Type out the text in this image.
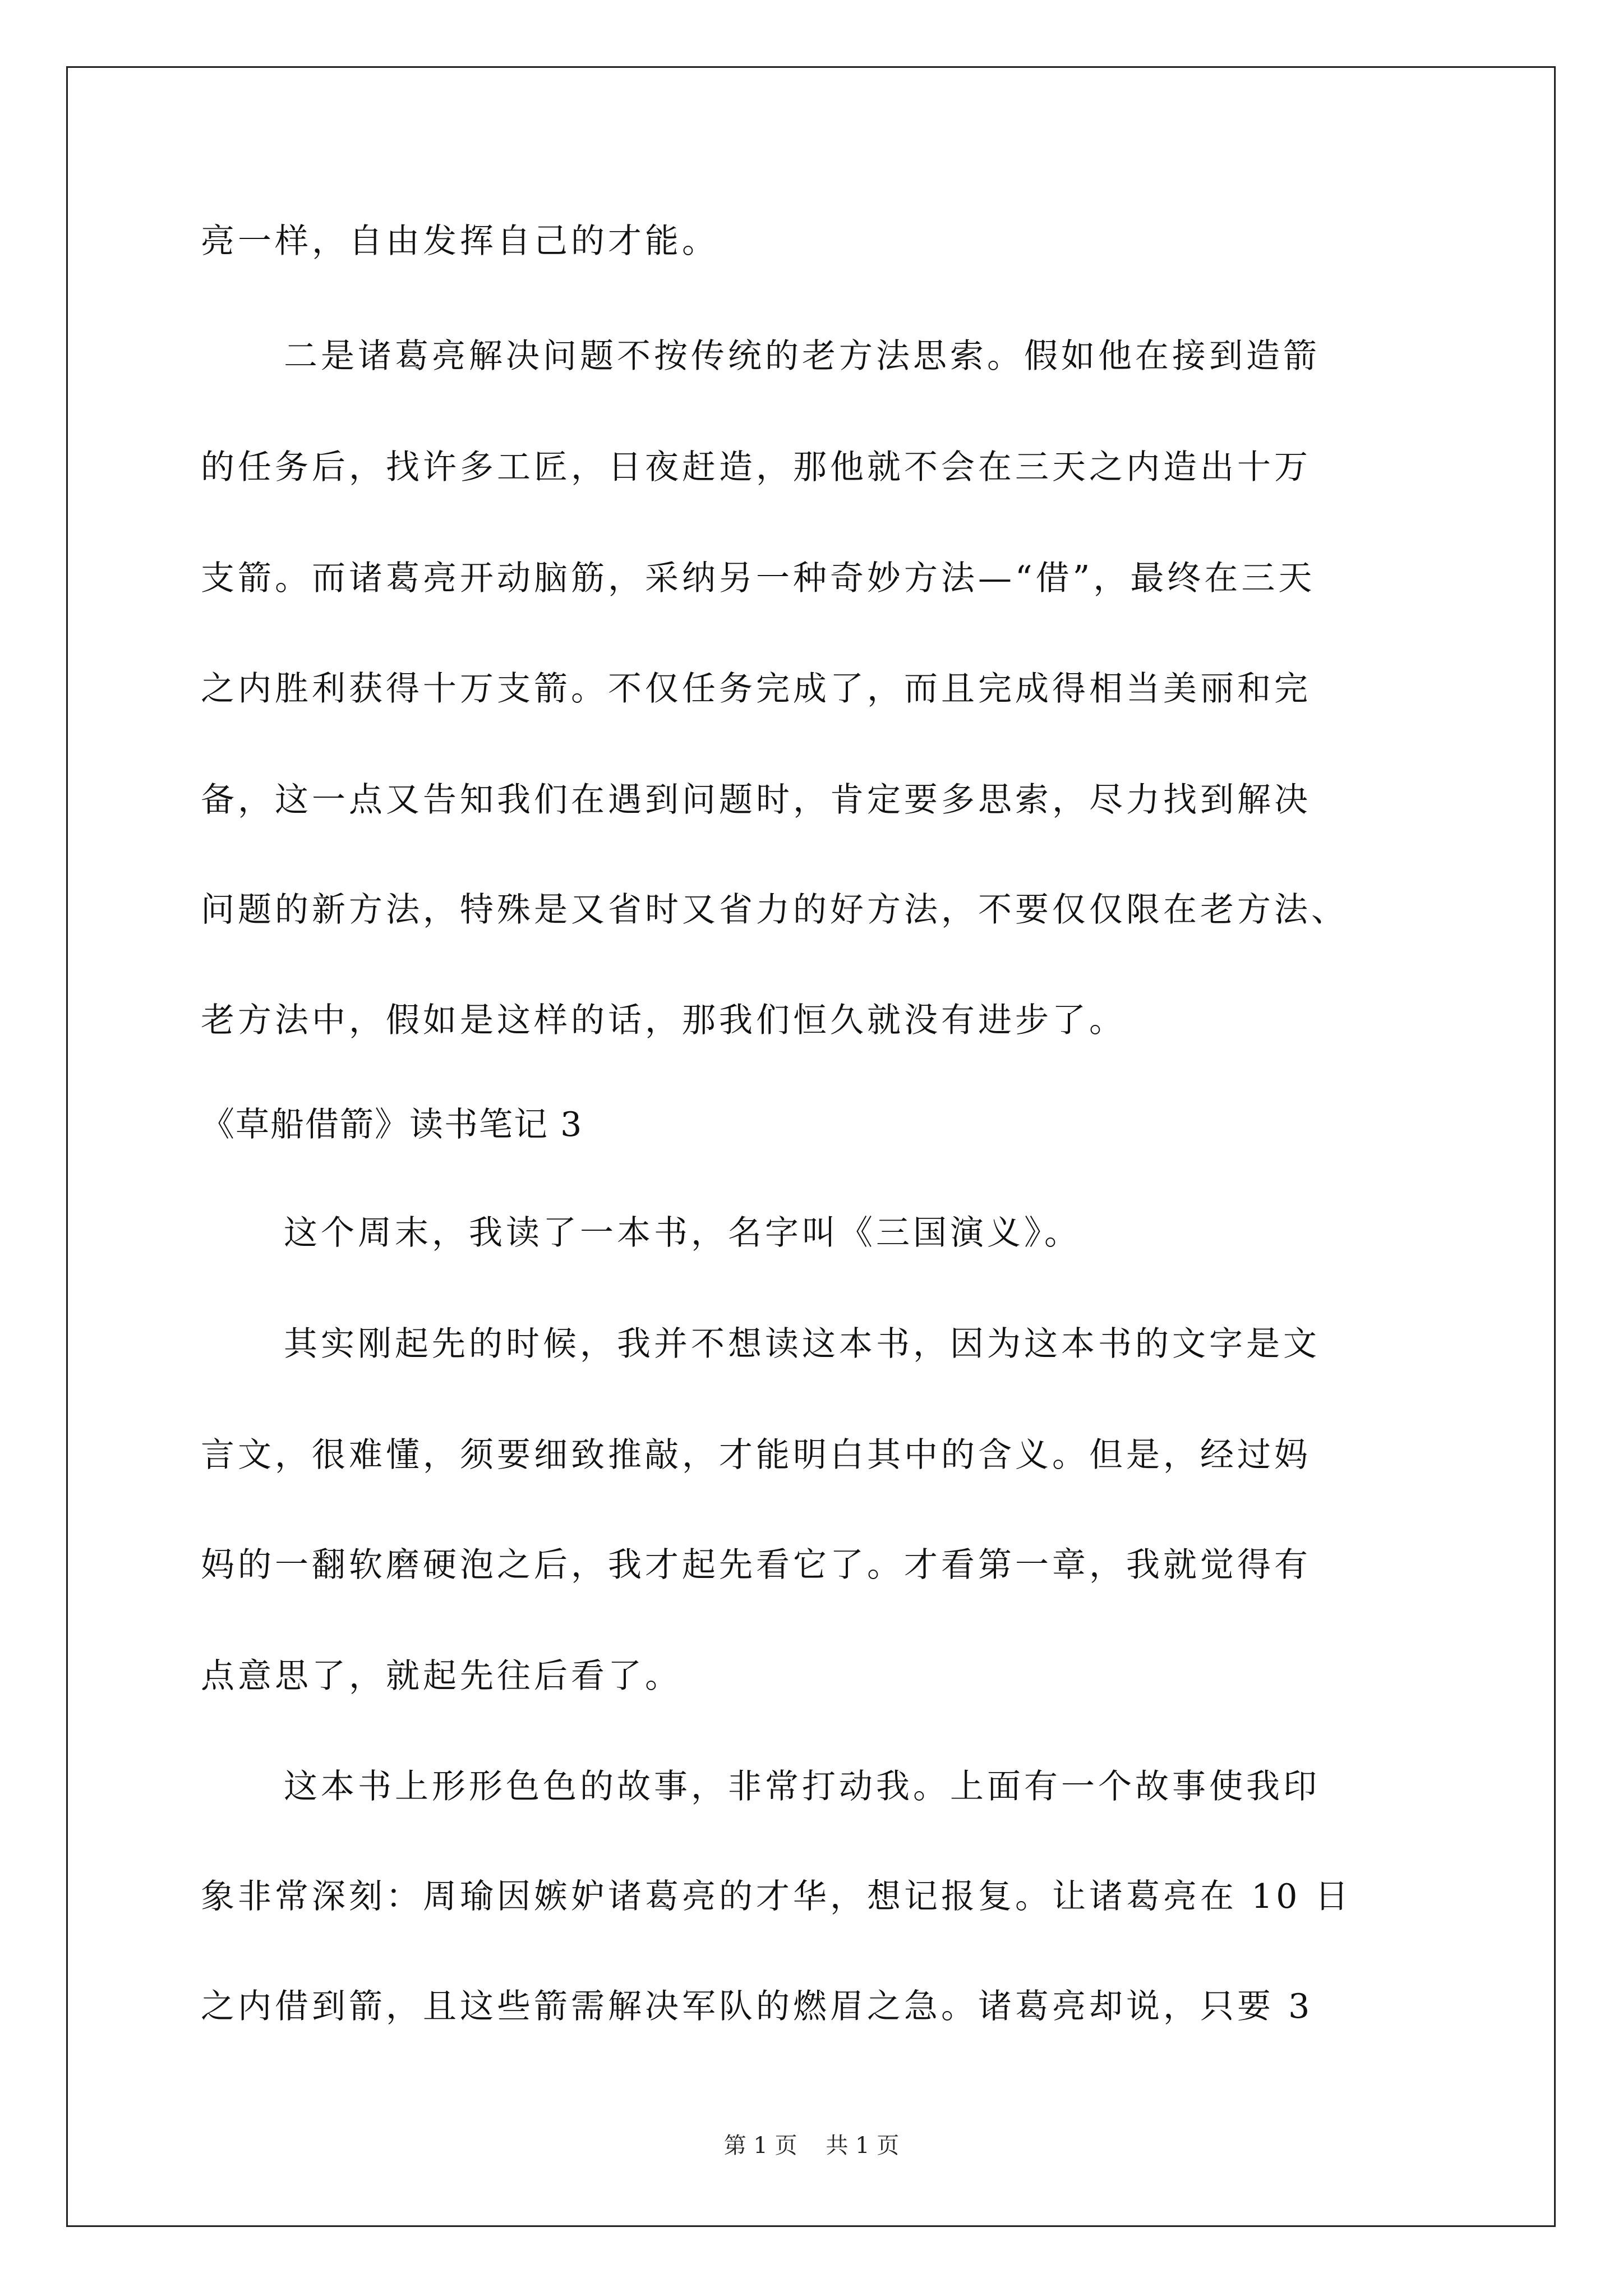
亮一样，自由发挥自己的才能。
二是诸葛亮解决问题不按传统的老方法思索。假如他在接到造箭
的任务后，找许多工匠，日夜赶造，那他就不会在三天之内造出十万
支箭。而诸葛亮开动脑筋，采纳另一种奇妙方法—“借”，最终在三天
之内胜利获得十万支箭。不仅任务完成了，而且完成得相当美丽和完
备，这一点又告知我们在遇到问题时，肯定要多思索，尽力找到解决
问题的新方法，特殊是又省时又省力的好方法，不要仅仅限在老方法、
老方法中，假如是这样的话，那我们恒久就没有进步了。
《草船借箭》读书笔记 3
这个周末，我读了一本书，名字叫《三国演义》。
其实刚起先的时候，我并不想读这本书，因为这本书的文字是文
言文，很难懂，须要细致推敲，才能明白其中的含义。但是，经过妈
妈的一翻软磨硬泡之后，我才起先看它了。才看第一章，我就觉得有
点意思了，就起先往后看了。
这本书上形形色色的故事，非常打动我。上面有一个故事使我印
象非常深刻：周瑜因嫉妒诸葛亮的才华，想记报复。让诸葛亮在 10 日
之内借到箭，且这些箭需解决军队的燃眉之急。诸葛亮却说，只要 3
第 1 页    共 1 页
